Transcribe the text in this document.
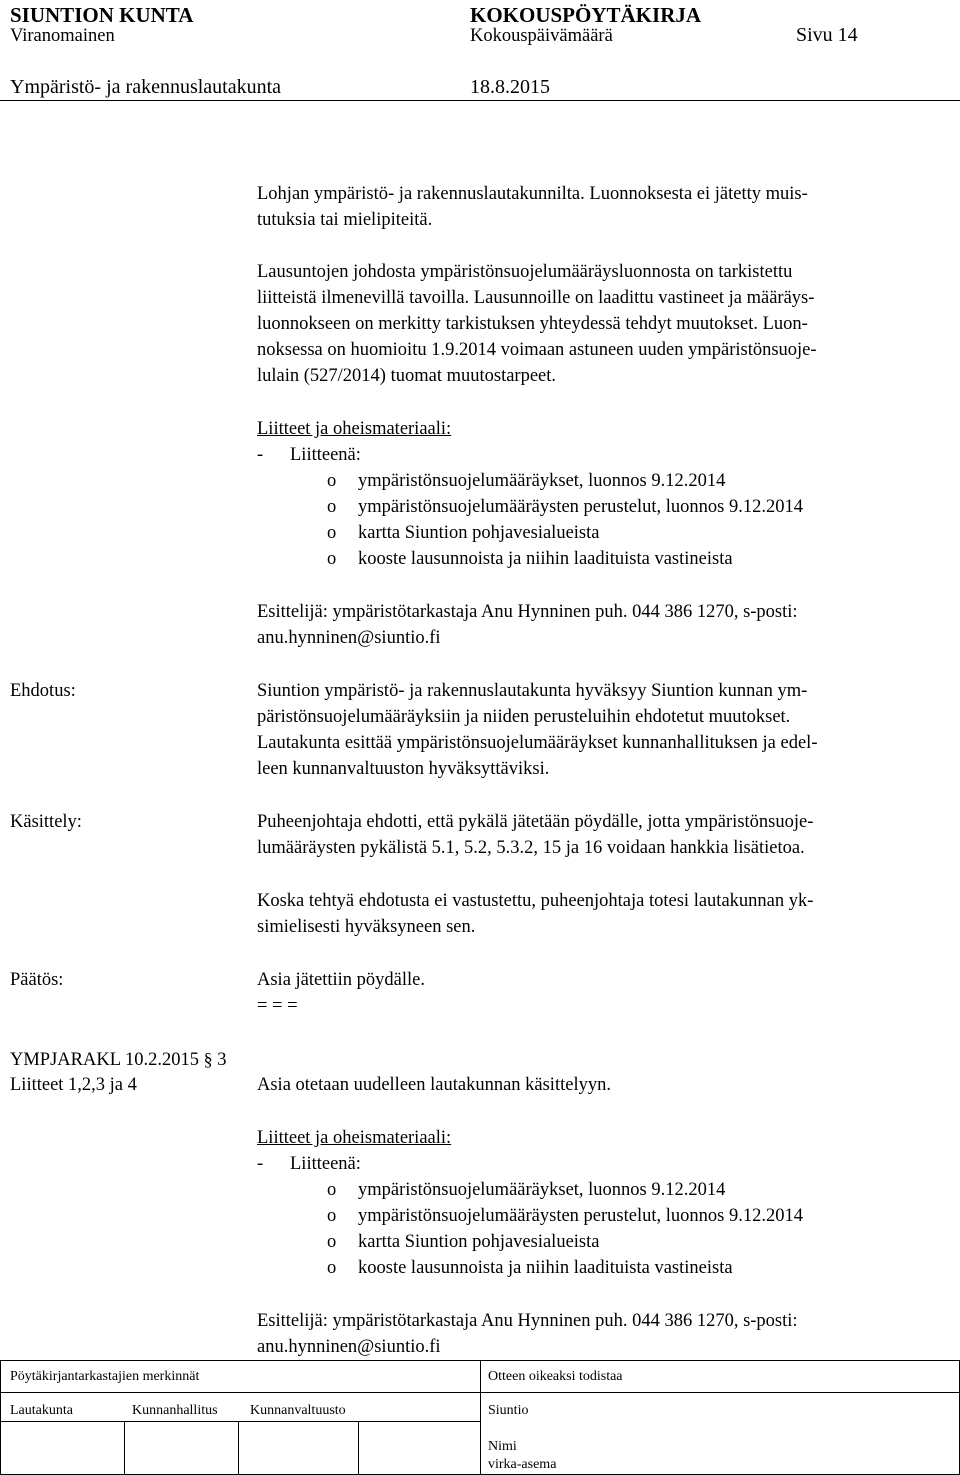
SIUNTION KUNTA	KOKOUSPÖYTÄKIRJA
Viranomainen	Kokouspäivämäärä	Sivu 14
Ympäristö- ja rakennuslautakunta	18.8.2015
Lohjan ympäristö- ja rakennuslautakunnilta. Luonnoksesta ei jätetty muis-
tutuksia tai mielipiteitä.
Lausuntojen johdosta ympäristönsuojelumääräysluonnosta on tarkistettu
liitteistä ilmenevillä tavoilla. Lausunnoille on laadittu vastineet ja määräys-
luonnokseen on merkitty tarkistuksen yhteydessä tehdyt muutokset. Luon-
noksessa on huomioitu 1.9.2014 voimaan astuneen uuden ympäristönsuoje-
lulain (527/2014) tuomat muutostarpeet.
Liitteet ja oheismateriaali:
- Liitteenä:
o ympäristönsuojelumääräykset, luonnos 9.12.2014
o ympäristönsuojelumääräysten perustelut, luonnos 9.12.2014
o kartta Siuntion pohjavesialueista
o kooste lausunnoista ja niihin laadituista vastineista
Esittelijä: ympäristötarkastaja Anu Hynninen puh. 044 386 1270, s-posti:
anu.hynninen@siuntio.fi
Ehdotus:	Siuntion ympäristö- ja rakennuslautakunta hyväksyy Siuntion kunnan ym-
päristönsuojelumääräyksiin ja niiden perusteluihin ehdotetut muutokset.
Lautakunta esittää ympäristönsuojelumääräykset kunnanhallituksen ja edel-
leen kunnanvaltuuston hyväksyttäviksi.
Käsittely:	Puheenjohtaja ehdotti, että pykälä jätetään pöydälle, jotta ympäristönsuoje-
lumääräysten pykälistä 5.1, 5.2, 5.3.2, 15 ja 16 voidaan hankkia lisätietoa.
Koska tehtyä ehdotusta ei vastustettu, puheenjohtaja totesi lautakunnan yk-
simielisesti hyväksyneen sen.
Päätös:	Asia jätettiin pöydälle.
= = =
YMPJARAKL 10.2.2015 § 3
Liitteet 1,2,3 ja 4	Asia otetaan uudelleen lautakunnan käsittelyyn.
Liitteet ja oheismateriaali:
- Liitteenä:
o ympäristönsuojelumääräykset, luonnos 9.12.2014
o ympäristönsuojelumääräysten perustelut, luonnos 9.12.2014
o kartta Siuntion pohjavesialueista
o kooste lausunnoista ja niihin laadituista vastineista
Esittelijä: ympäristötarkastaja Anu Hynninen puh. 044 386 1270, s-posti:
anu.hynninen@siuntio.fi
Pöytäkirjantarkastajien merkinnät	Otteen oikeaksi todistaa
Lautakunta	Kunnanhallitus Kunnanvaltuusto	Siuntio
Nimi
virka-asema
